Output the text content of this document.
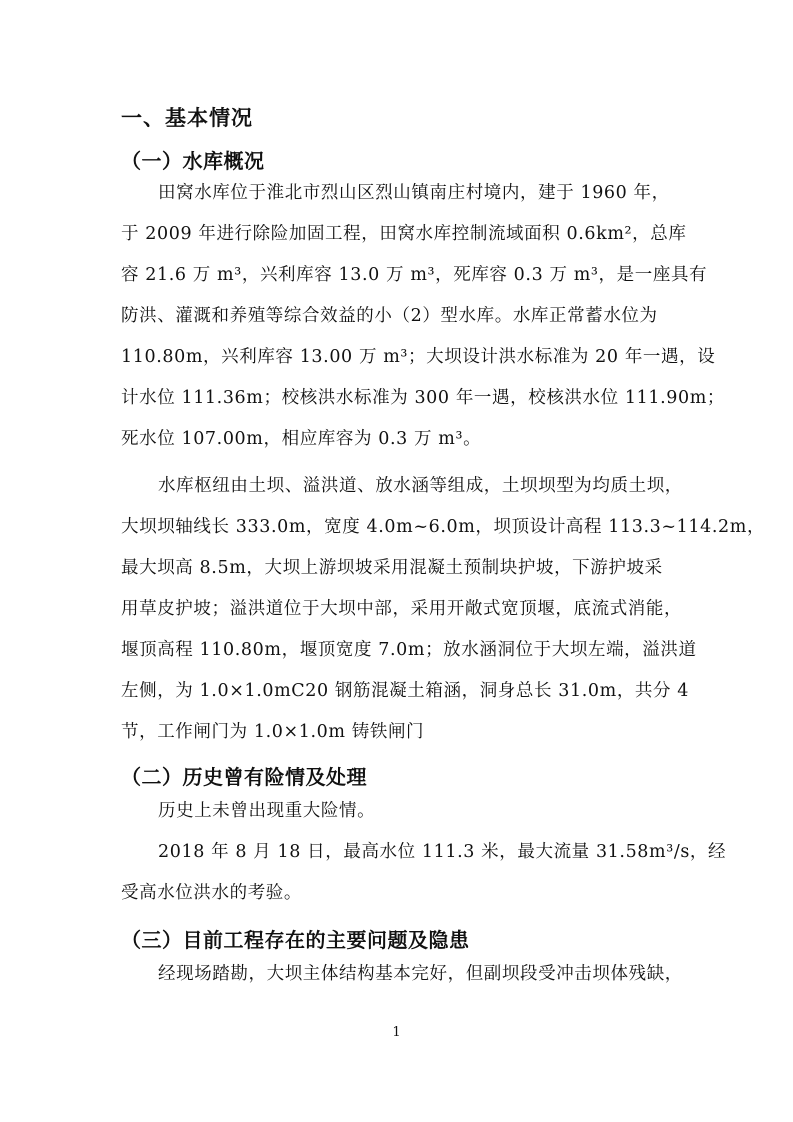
一、基本情况
（一）水库概况
田窝水库位于淮北市烈山区烈山镇南庄村境内，建于 1960 年，
于 2009 年进行除险加固工程，田窝水库控制流域面积 0.6km²，总库
容 21.6 万 m³，兴利库容 13.0 万 m³，死库容 0.3 万 m³，是一座具有
防洪、灌溉和养殖等综合效益的小（2）型水库。水库正常蓄水位为
110.80m，兴利库容 13.00 万 m³；大坝设计洪水标准为 20 年一遇，设
计水位 111.36m；校核洪水标准为 300 年一遇，校核洪水位 111.90m；
死水位 107.00m，相应库容为 0.3 万 m³。
水库枢纽由土坝、溢洪道、放水涵等组成，土坝坝型为均质土坝，
大坝坝轴线长 333.0m，宽度 4.0m~6.0m，坝顶设计高程 113.3~114.2m，
最大坝高 8.5m，大坝上游坝坡采用混凝土预制块护坡，下游护坡采
用草皮护坡；溢洪道位于大坝中部，采用开敞式宽顶堰，底流式消能，
堰顶高程 110.80m，堰顶宽度 7.0m；放水涵洞位于大坝左端，溢洪道
左侧，为 1.0×1.0mC20 钢筋混凝土箱涵，洞身总长 31.0m，共分 4
节，工作闸门为 1.0×1.0m 铸铁闸门
（二）历史曾有险情及处理
历史上未曾出现重大险情。
2018 年 8 月 18 日，最高水位 111.3 米，最大流量 31.58m³/s，经
受高水位洪水的考验。
（三）目前工程存在的主要问题及隐患
经现场踏勘，大坝主体结构基本完好，但副坝段受冲击坝体残缺，
1
